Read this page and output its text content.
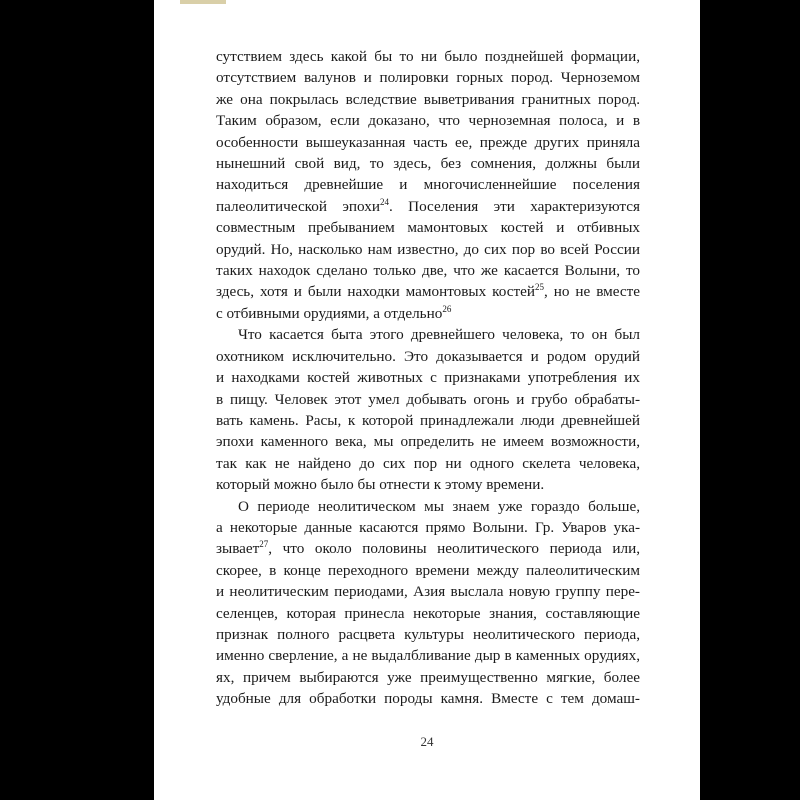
сутствием здесь какой бы то ни было позднейшей формации,
отсутствием валунов и полировки горных пород. Черноземом
же она покрылась вследствие выветривания гранитных пород.
Таким образом, если доказано, что черноземная полоса, и в
особенности вышеуказанная часть ее, прежде других приняла
нынешний свой вид, то здесь, без сомнения, должны были
находиться древнейшие и многочисленнейшие поселения
палеолитической эпохи$^{24}$. Поселения эти характеризуются
совместным пребыванием мамонтовых костей и отбивных
орудий. Но, насколько нам известно, до сих пор во всей России
таких находок сделано только две, что же касается Волыни, то
здесь, хотя и были находки мамонтовых костей$^{25}$, но не вместе
с отбивными орудиями, а отдельно$^{26}$
Что касается быта этого древнейшего человека, то он был
охотником исключительно. Это доказывается и родом орудий
и находками костей животных с признаками употребления их
в пищу. Человек этот умел добывать огонь и грубо обрабаты-
вать камень. Расы, к которой принадлежали люди древнейшей
эпохи каменного века, мы определить не имеем возможности,
так как не найдено до сих пор ни одного скелета человека,
который можно было бы отнести к этому времени.
О периоде неолитическом мы знаем уже гораздо больше,
а некоторые данные касаются прямо Волыни. Гр. Уваров ука-
зывает$^{27}$, что около половины неолитического периода или,
скорее, в конце переходного времени между палеолитическим
и неолитическим периодами, Азия выслала новую группу пере-
селенцев, которая принесла некоторые знания, составляющие
признак полного расцвета культуры неолитического периода,
именно сверление, а не выдалбливание дыр в каменных орудиях,
ях, причем выбираются уже преимущественно мягкие, более
удобные для обработки породы камня. Вместе с тем домаш-
24
